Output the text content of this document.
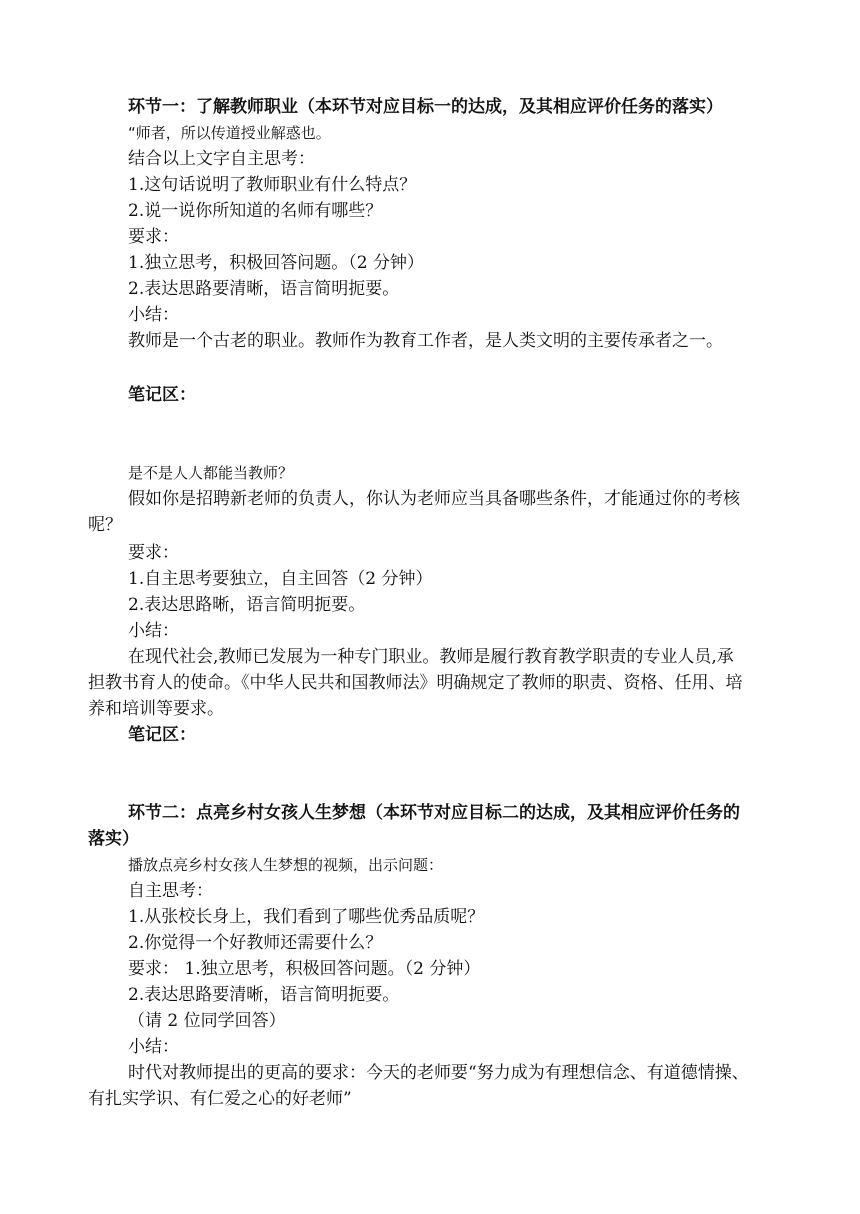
环节一：了解教师职业（本环节对应目标一的达成，及其相应评价任务的落实）
“师者，所以传道授业解惑也。
结合以上文字自主思考：
1.这句话说明了教师职业有什么特点？
2.说一说你所知道的名师有哪些？
要求：
1.独立思考，积极回答问题。（2 分钟）
2.表达思路要清晰，语言简明扼要。
小结：
教师是一个古老的职业。教师作为教育工作者，是人类文明的主要传承者之一。
笔记区：
是不是人人都能当教师？
假如你是招聘新老师的负责人，你认为老师应当具备哪些条件，才能通过你的考核
呢？
要求：
1.自主思考要独立，自主回答（2 分钟）
2.表达思路晰，语言简明扼要。
小结：
在现代社会,教师已发展为一种专门职业。教师是履行教育教学职责的专业人员,承
担教书育人的使命。《中华人民共和国教师法》明确规定了教师的职责、资格、任用、培
养和培训等要求。
笔记区：
环节二：点亮乡村女孩人生梦想（本环节对应目标二的达成，及其相应评价任务的
落实）
播放点亮乡村女孩人生梦想的视频，出示问题：
自主思考：
1.从张校长身上，我们看到了哪些优秀品质呢？
2.你觉得一个好教师还需要什么？
要求： 1.独立思考，积极回答问题。（2 分钟）
2.表达思路要清晰，语言简明扼要。
（请 2 位同学回答）
小结：
时代对教师提出的更高的要求：今天的老师要“努力成为有理想信念、有道德情操、
有扎实学识、有仁爱之心的好老师”
